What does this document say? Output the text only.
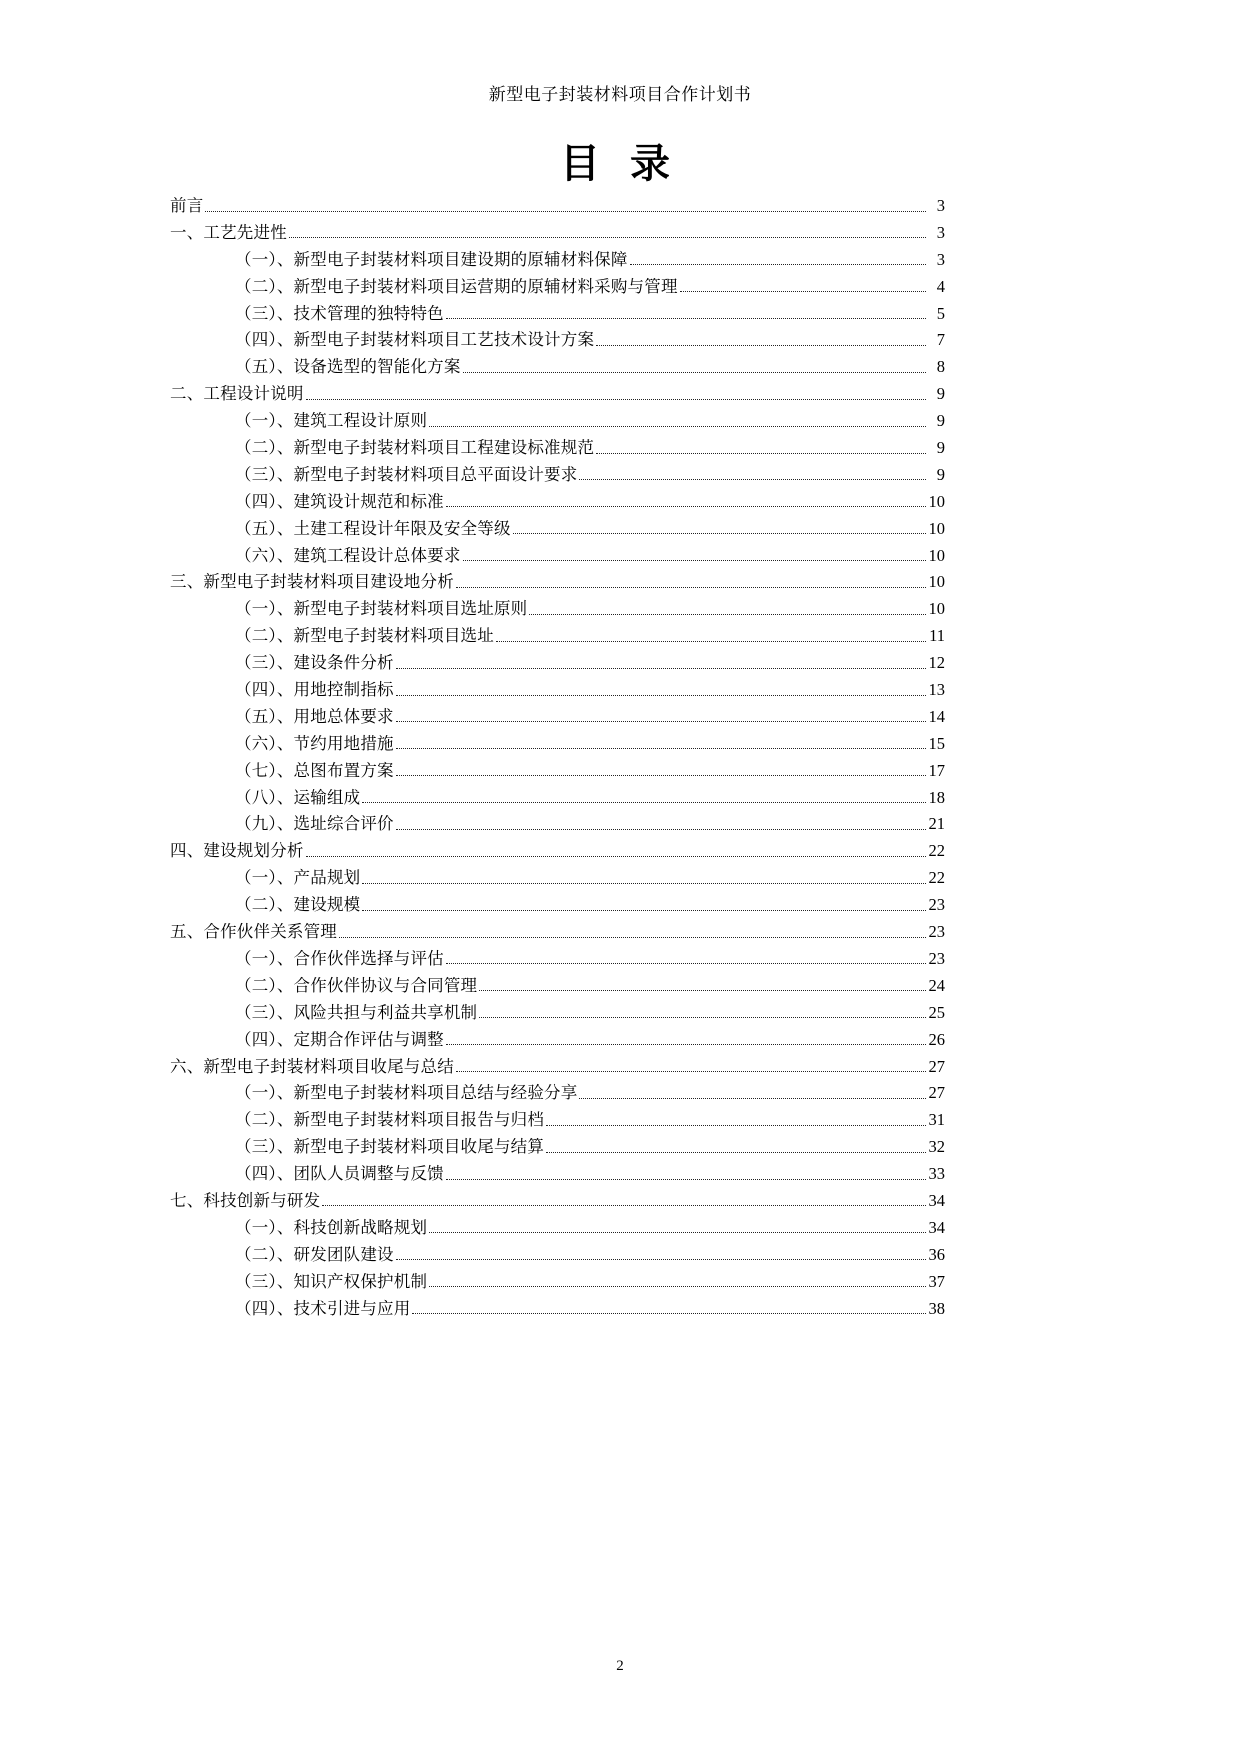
新型电子封装材料项目合作计划书
目 录
前言	3
一、工艺先进性	3
（一）、新型电子封装材料项目建设期的原辅材料保障	3
（二）、新型电子封装材料项目运营期的原辅材料采购与管理	4
（三）、技术管理的独特特色	5
（四）、新型电子封装材料项目工艺技术设计方案	7
（五）、设备选型的智能化方案	8
二、工程设计说明	9
（一）、建筑工程设计原则	9
（二）、新型电子封装材料项目工程建设标准规范	9
（三）、新型电子封装材料项目总平面设计要求	9
（四）、建筑设计规范和标准	10
（五）、土建工程设计年限及安全等级	10
（六）、建筑工程设计总体要求	10
三、新型电子封装材料项目建设地分析	10
（一）、新型电子封装材料项目选址原则	10
（二）、新型电子封装材料项目选址	11
（三）、建设条件分析	12
（四）、用地控制指标	13
（五）、用地总体要求	14
（六）、节约用地措施	15
（七）、总图布置方案	17
（八）、运输组成	18
（九）、选址综合评价	21
四、建设规划分析	22
（一）、产品规划	22
（二）、建设规模	23
五、合作伙伴关系管理	23
（一）、合作伙伴选择与评估	23
（二）、合作伙伴协议与合同管理	24
（三）、风险共担与利益共享机制	25
（四）、定期合作评估与调整	26
六、新型电子封装材料项目收尾与总结	27
（一）、新型电子封装材料项目总结与经验分享	27
（二）、新型电子封装材料项目报告与归档	31
（三）、新型电子封装材料项目收尾与结算	32
（四）、团队人员调整与反馈	33
七、科技创新与研发	34
（一）、科技创新战略规划	34
（二）、研发团队建设	36
（三）、知识产权保护机制	37
（四）、技术引进与应用	38
2
